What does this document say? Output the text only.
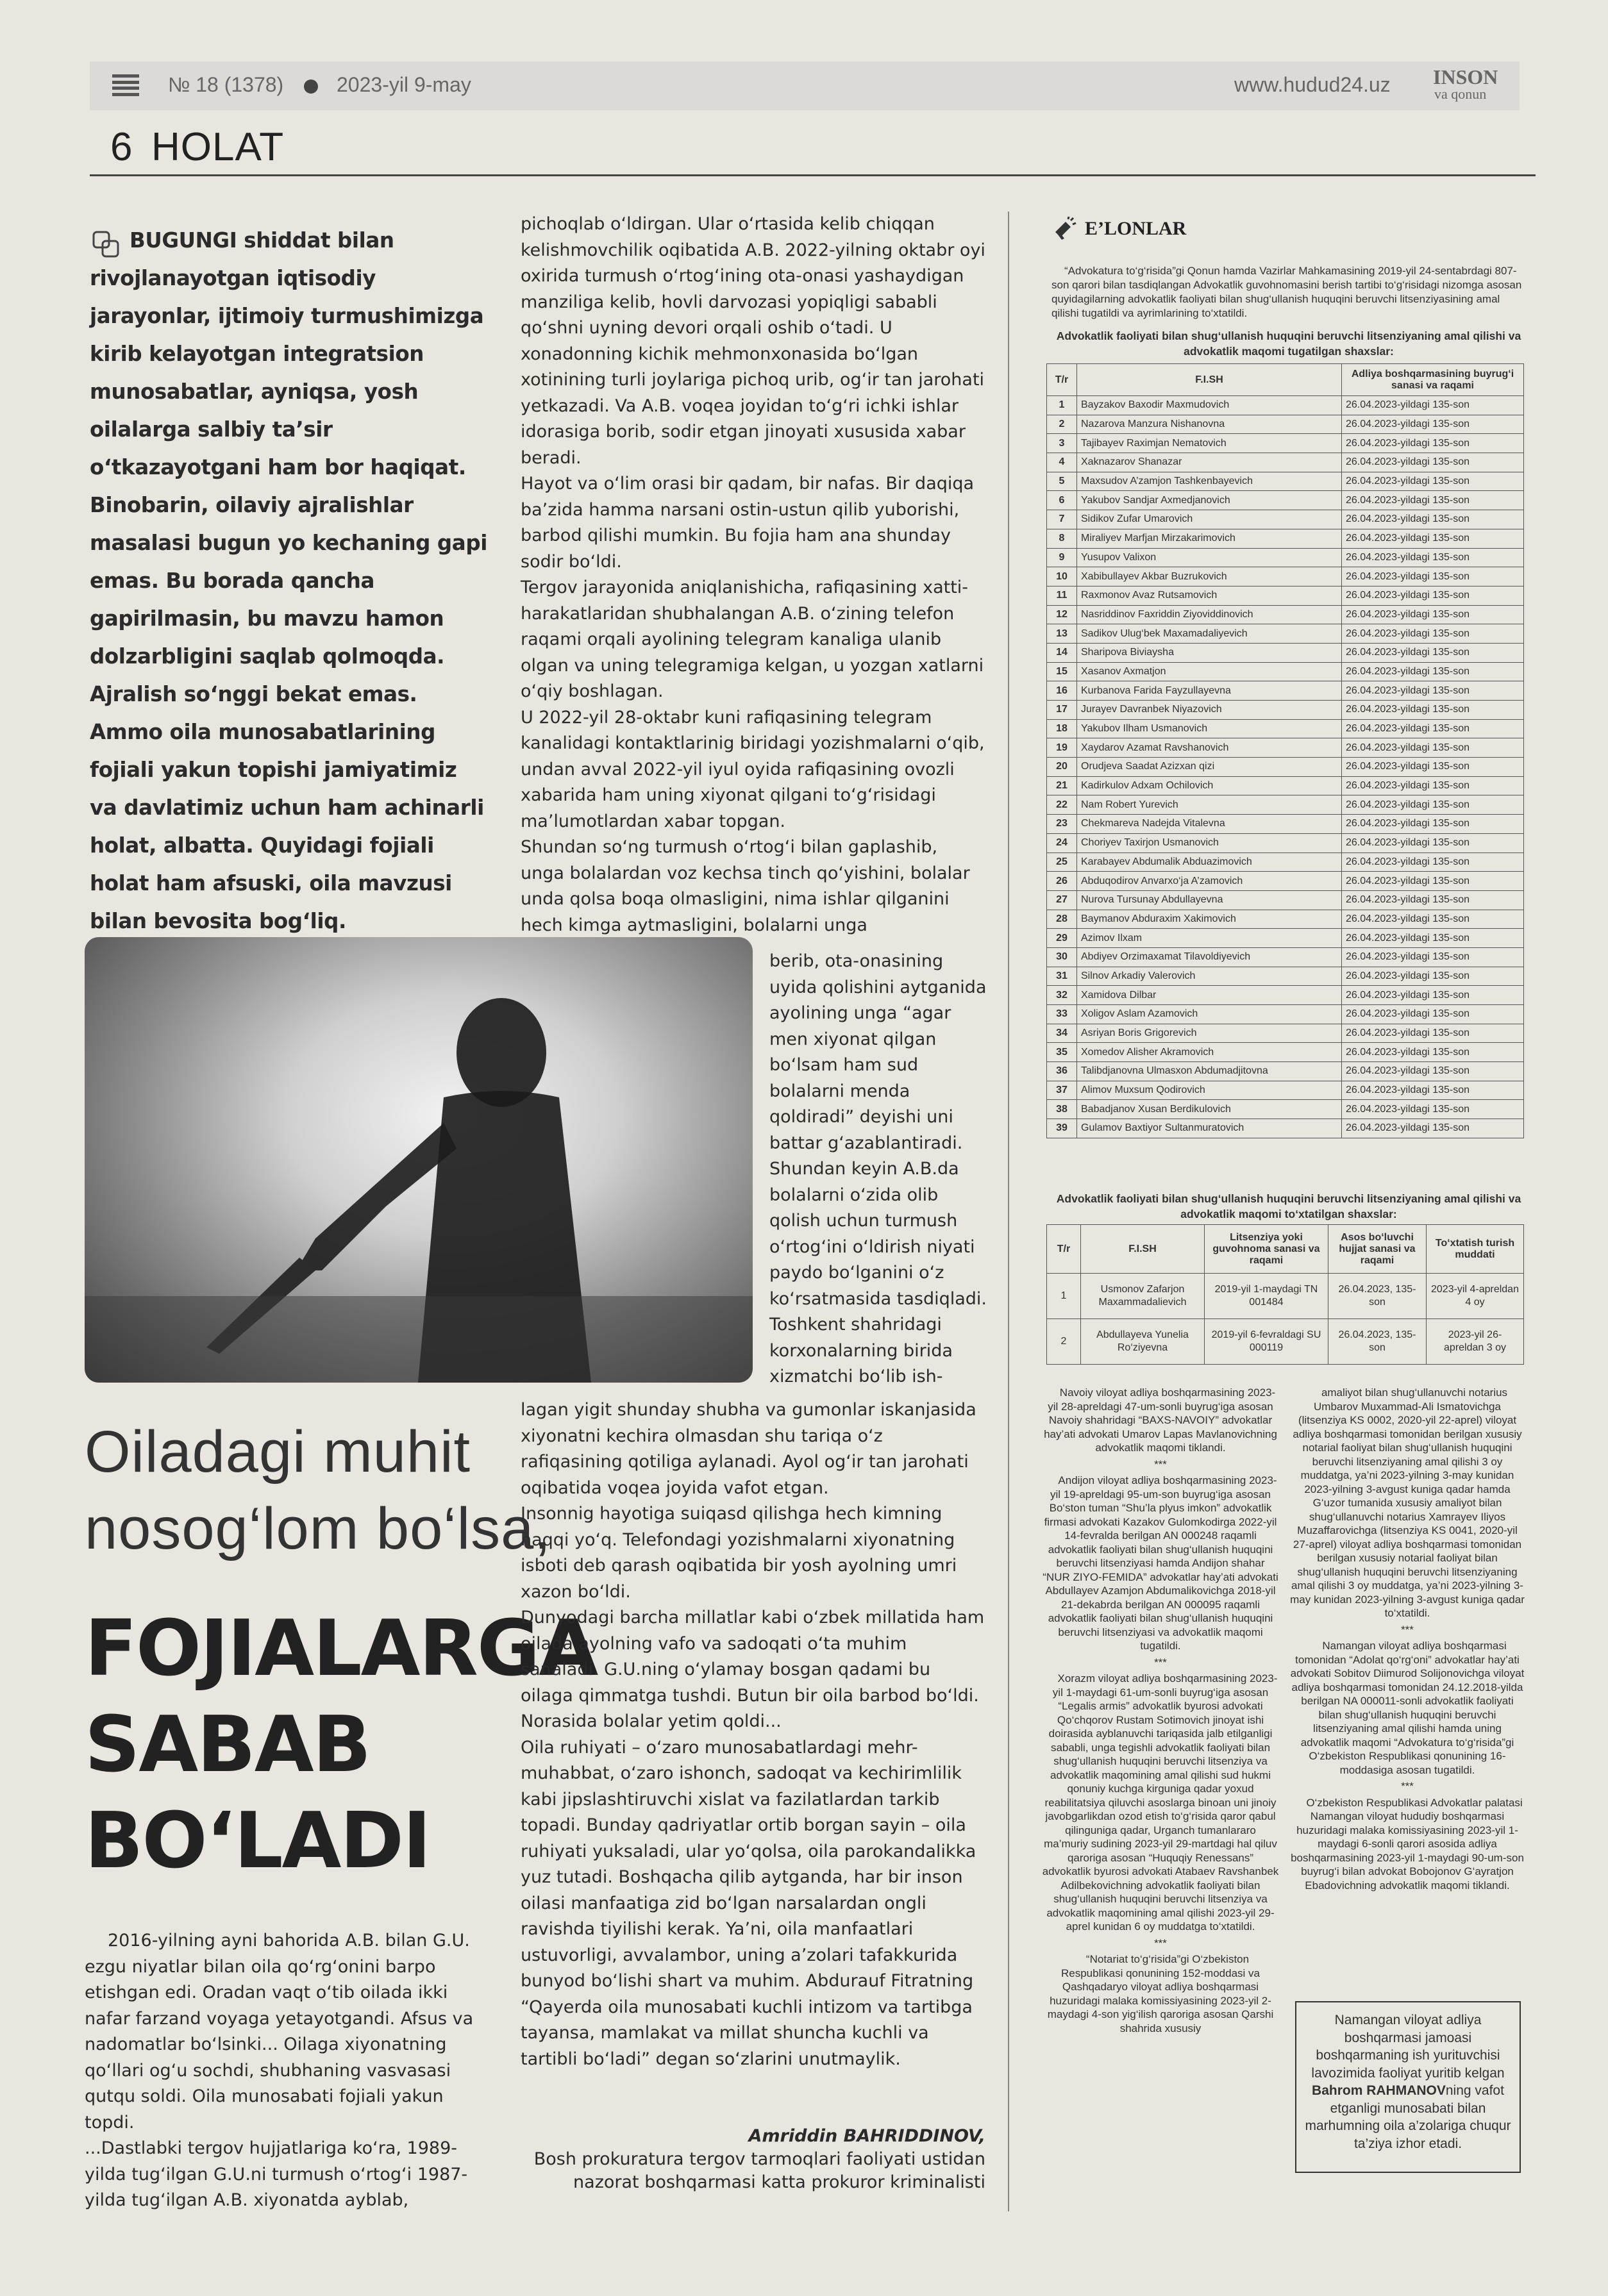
№ 18 (1378)	2023-yil 9-may	www.hudud24.uz INSON
va qonun
6 HOLAT

BUGUNGI shiddat bilan rivojlanayotgan iqtisodiy jarayonlar, ijtimoiy turmushimizga kirib kelayotgan integratsion munosabatlar, ayniqsa, yosh oilalarga salbiy ta’sir o‘tkazayotgani ham bor haqiqat. Binobarin, oilaviy ajralishlar masalasi bugun yo kechaning gapi emas. Bu borada qancha gapirilmasin, bu mavzu hamon dolzarbligini saqlab qolmoqda. Ajralish so‘nggi bekat emas. Ammo oila munosabatlarining fojiali yakun topishi jamiyatimiz va davlatimiz uchun ham achinarli holat, albatta. Quyidagi fojiali holat ham afsuski, oila mavzusi bilan bevosita bog‘liq.

Oiladagi muhit
nosog‘lom bo‘lsa,
FOJIALARGA
SABAB
BO‘LADI
2016-yilning ayni bahorida A.B. bilan G.U. ezgu niyatlar bilan oila qo‘rg‘onini barpo etishgan edi. Oradan vaqt o‘tib oilada ikki nafar farzand voyaga yetayotgandi. Afsus va nadomatlar bo‘lsinki... Oilaga xiyonatning qo‘llari og‘u sochdi, shubhaning vasvasasi qutqu soldi. Oila munosabati fojiali yakun topdi.
...Dastlabki tergov hujjatlariga ko‘ra, 1989-yilda tug‘ilgan G.U.ni turmush o‘rtog‘i 1987-yilda tug‘ilgan A.B. xiyonatda ayblab,
pichoqlab o‘ldirgan. Ular o‘rtasida kelib chiqqan kelishmovchilik oqibatida A.B. 2022-yilning oktabr oyi oxirida turmush o‘rtog‘ining ota-onasi yashaydigan manziliga kelib, hovli darvozasi yopiqligi sababli qo‘shni uyning devori orqali oshib o‘tadi. U xonadonning kichik mehmonxonasida bo‘lgan xotinining turli joylariga pichoq urib, og‘ir tan jarohati yetkazadi. Va A.B. voqea joyidan to‘g‘ri ichki ishlar idorasiga borib, sodir etgan jinoyati xususida xabar beradi.
Hayot va o‘lim orasi bir qadam, bir nafas. Bir daqiqa ba’zida hamma narsani ostin-ustun qilib yuborishi, barbod qilishi mumkin. Bu fojia ham ana shunday sodir bo‘ldi.
Tergov jarayonida aniqlanishicha, rafiqasining xatti-harakatlaridan shubhalangan A.B. o‘zining telefon raqami orqali ayolining telegram kanaliga ulanib olgan va uning telegramiga kelgan, u yozgan xatlarni o‘qiy boshlagan.
U 2022-yil 28-oktabr kuni rafiqasining telegram kanalidagi kontaktlarinig biridagi yozishmalarni o‘qib, undan avval 2022-yil iyul oyida rafiqasining ovozli xabarida ham uning xiyonat qilgani to‘g‘risidagi ma’lumotlardan xabar topgan.
Shundan so‘ng turmush o‘rtog‘i bilan gaplashib, unga bolalardan voz kechsa tinch qo‘yishini, bolalar unda qolsa boqa olmasligini, nima ishlar qilganini hech kimga aytmasligini, bolalarni unga
berib, ota-onasining uyida qolishini aytganida ayolining unga “agar men xiyonat qilgan bo‘lsam ham sud bolalarni menda qoldiradi” deyishi uni battar g‘azablantiradi. Shundan keyin A.B.da bolalarni o‘zida olib qolish uchun turmush o‘rtog‘ini o‘ldirish niyati paydo bo‘lganini o‘z ko‘rsatmasida tasdiqladi.
Toshkent shahridagi korxonalarning birida xizmatchi bo‘lib ish-
lagan yigit shunday shubha va gumonlar iskanjasida xiyonatni kechira olmasdan shu tariqa o‘z rafiqasining qotiliga aylanadi. Ayol og‘ir tan jarohati oqibatida voqea joyida vafot etgan.
Insonnig hayotiga suiqasd qilishga hech kimning haqqi yo‘q. Telefondagi yozishmalarni xiyonatning isboti deb qarash oqibatida bir yosh ayolning umri xazon bo‘ldi.
Dunyodagi barcha millatlar kabi o‘zbek millatida ham oilada ayolning vafo va sadoqati o‘ta muhim sanaladi. G.U.ning o‘ylamay bosgan qadami bu oilaga qimmatga tushdi. Butun bir oila barbod bo‘ldi. Norasida bolalar yetim qoldi...
Oila ruhiyati – o‘zaro munosabatlardagi mehr-muhabbat, o‘zaro ishonch, sadoqat va kechirimlilik kabi jipslashtiruvchi xislat va fazilatlardan tarkib topadi. Bunday qadriyatlar ortib borgan sayin – oila ruhiyati yuksaladi, ular yo‘qolsa, oila parokandalikka yuz tutadi. Boshqacha qilib aytganda, har bir inson oilasi manfaatiga zid bo‘lgan narsalardan ongli ravishda tiyilishi kerak. Ya’ni, oila manfaatlari ustuvorligi, avvalambor, uning a’zolari tafakkurida bunyod bo‘lishi shart va muhim. Abdurauf Fitratning “Qayerda oila munosabati kuchli intizom va tartibga tayansa, mamlakat va millat shuncha kuchli va tartibli bo‘ladi” degan so‘zlarini unutmaylik.
Amriddin BAHRIDDINOV,
Bosh prokuratura tergov tarmoqlari faoliyati ustidan nazorat boshqarmasi katta prokuror kriminalisti
E’LONLAR

“Advokatura to‘g‘risida”gi Qonun hamda Vazirlar Mahkamasining 2019-yil 24-sentabrdagi 807-son qarori bilan tasdiqlangan Advokatlik guvohnomasini berish tartibi to‘g‘risidagi nizomga asosan quyidagilarning advokatlik faoliyati bilan shug‘ullanish huquqini beruvchi litsenziyasining amal qilishi tugatildi va ayrimlarining to‘xtatildi.

Advokatlik faoliyati bilan shug‘ullanish huquqini beruvchi litsenziyaning amal qilishi va advokatlik maqomi tugatilgan shaxslar:

T/r	F.I.SH	Adliya boshqarmasining buyrug‘i sanasi va raqami
1	Bayzakov Baxodir Maxmudovich	26.04.2023-yildagi 135-son
2	Nazarova Manzura Nishanovna	26.04.2023-yildagi 135-son
3	Tajibayev Raximjan Nematovich	26.04.2023-yildagi 135-son
4	Xaknazarov Shanazar	26.04.2023-yildagi 135-son
5	Maxsudov A’zamjon Tashkenbayevich	26.04.2023-yildagi 135-son
6	Yakubov Sandjar Axmedjanovich	26.04.2023-yildagi 135-son
7	Sidikov Zufar Umarovich	26.04.2023-yildagi 135-son
8	Miraliyev Marfjan Mirzakarimovich	26.04.2023-yildagi 135-son
9	Yusupov Valixon	26.04.2023-yildagi 135-son
10	Xabibullayev Akbar Buzrukovich	26.04.2023-yildagi 135-son
11	Raxmonov Avaz Rutsamovich	26.04.2023-yildagi 135-son
12	Nasriddinov Faxriddin Ziyoviddinovich	26.04.2023-yildagi 135-son
13	Sadikov Ulug‘bek Maxamadaliyevich	26.04.2023-yildagi 135-son
14	Sharipova Biviaysha	26.04.2023-yildagi 135-son
15	Xasanov Axmatjon	26.04.2023-yildagi 135-son
16	Kurbanova Farida Fayzullayevna	26.04.2023-yildagi 135-son
17	Jurayev Davranbek Niyazovich	26.04.2023-yildagi 135-son
18	Yakubov Ilham Usmanovich	26.04.2023-yildagi 135-son
19	Xaydarov Azamat Ravshanovich	26.04.2023-yildagi 135-son
20	Orudjeva Saadat Azizxan qizi	26.04.2023-yildagi 135-son
21	Kadirkulov Adxam Ochilovich	26.04.2023-yildagi 135-son
22	Nam Robert Yurevich	26.04.2023-yildagi 135-son
23	Chekmareva Nadejda Vitalevna	26.04.2023-yildagi 135-son
24	Choriyev Taxirjon Usmanovich	26.04.2023-yildagi 135-son
25	Karabayev Abdumalik Abduazimovich	26.04.2023-yildagi 135-son
26	Abduqodirov Anvarxo‘ja A’zamovich	26.04.2023-yildagi 135-son
27	Nurova Tursunay Abdullayevna	26.04.2023-yildagi 135-son
28	Baymanov Abduraxim Xakimovich	26.04.2023-yildagi 135-son
29	Azimov Ilxam	26.04.2023-yildagi 135-son
30	Abdiyev Orzimaxamat Tilavoldiyevich	26.04.2023-yildagi 135-son
31	Silnov Arkadiy Valerovich	26.04.2023-yildagi 135-son
32	Xamidova Dilbar	26.04.2023-yildagi 135-son
33	Xoligov Aslam Azamovich	26.04.2023-yildagi 135-son
34	Asriyan Boris Grigorevich	26.04.2023-yildagi 135-son
35	Xomedov Alisher Akramovich	26.04.2023-yildagi 135-son
36	Talibdjanovna Ulmasxon Abdumadjitovna	26.04.2023-yildagi 135-son
37	Alimov Muxsum Qodirovich	26.04.2023-yildagi 135-son
38	Babadjanov Xusan Berdikulovich	26.04.2023-yildagi 135-son
39	Gulamov Baxtiyor Sultanmuratovich	26.04.2023-yildagi 135-son

Advokatlik faoliyati bilan shug‘ullanish huquqini beruvchi litsenziyaning amal qilishi va advokatlik maqomi to‘xtatilgan shaxslar:

T/r	F.I.SH	Litsenziya yoki guvohnoma sanasi va raqami	Asos bo‘luvchi hujjat sanasi va raqami	To‘xtatish turish muddati
1	Usmonov Zafarjon Maxammadalievich	2019-yil 1-maydagi TN 001484	26.04.2023, 135-son	2023-yil 4-apreldan 4 oy
2	Abdullayeva Yunelia Ro‘ziyevna	2019-yil 6-fevraldagi SU 000119	26.04.2023, 135-son	2023-yil 26-apreldan 3 oy

Navoiy viloyat adliya boshqarmasining 2023-yil 28-apreldagi 47-um-sonli buyrug‘iga asosan Navoiy shahridagi “BAXS-NAVOIY” advokatlar hay’ati advokati Umarov Lapas Mavlanovichning advokatlik maqomi tiklandi.

***

Andijon viloyat adliya boshqarmasining 2023-yil 19-apreldagi 95-um-son buyrug‘iga asosan Bo‘ston tuman “Shu’la plyus imkon” advokatlik firmasi advokati Kazakov Gulomkodirga 2022-yil 14-fevralda berilgan AN 000248 raqamli advokatlik faoliyati bilan shug‘ullanish huquqini beruvchi litsenziyasi hamda Andijon shahar “NUR ZIYO-FEMIDA” advokatlar hay’ati advokati Abdullayev Azamjon Abdumalikovichga 2018-yil 21-dekabrda berilgan AN 000095 raqamli advokatlik faoliyati bilan shug‘ullanish huquqini beruvchi litsenziyasi va advokatlik maqomi tugatildi.

***

Xorazm viloyat adliya boshqarmasining 2023-yil 1-maydagi 61-um-sonli buyrug‘iga asosan “Legalis armis” advokatlik byurosi advokati Qo‘chqorov Rustam Sotimovich jinoyat ishi doirasida ayblanuvchi tariqasida jalb etilganligi sababli, unga tegishli advokatlik faoliyati bilan shug‘ullanish huquqini beruvchi litsenziya va advokatlik maqomining amal qilishi sud hukmi qonuniy kuchga kirguniga qadar yoxud reabilitatsiya qiluvchi asoslarga binoan uni jinoiy javobgarlikdan ozod etish to‘g‘risida qaror qabul qilinguniga qadar, Urganch tumanlararo ma’muriy sudining 2023-yil 29-martdagi hal qiluv qaroriga asosan “Huquqiy Renessans” advokatlik byurosi advokati Atabaev Ravshanbek Adilbekovichning advokatlik faoliyati bilan shug‘ullanish huquqini beruvchi litsenziya va advokatlik maqomining amal qilishi 2023-yil 29-aprel kunidan 6 oy muddatga to‘xtatildi.

***

“Notariat to‘g‘risida”gi O‘zbekiston Respublikasi qonunining 152-moddasi va Qashqadaryo viloyat adliya boshqarmasi huzuridagi malaka komissiyasining 2023-yil 2-maydagi 4-son yig‘ilish qaroriga asosan Qarshi shahrida xususiy

amaliyot bilan shug‘ullanuvchi notarius Umbarov Muxammad-Ali Ismatovichga (litsenziya KS 0002, 2020-yil 22-aprel) viloyat adliya boshqarmasi tomonidan berilgan xususiy notarial faoliyat bilan shug‘ullanish huquqini beruvchi litsenziyaning amal qilishi 3 oy muddatga, ya’ni 2023-yilning 3-may kunidan 2023-yilning 3-avgust kuniga qadar hamda G‘uzor tumanida xususiy amaliyot bilan shug‘ullanuvchi notarius Xamrayev Iliyos Muzaffarovichga (litsenziya KS 0041, 2020-yil 27-aprel) viloyat adliya boshqarmasi tomonidan berilgan xususiy notarial faoliyat bilan shug‘ullanish huquqini beruvchi litsenziyaning amal qilishi 3 oy muddatga, ya’ni 2023-yilning 3-may kunidan 2023-yilning 3-avgust kuniga qadar to‘xtatildi.

***

Namangan viloyat adliya boshqarmasi tomonidan “Adolat qo‘rg‘oni” advokatlar hay’ati advokati Sobitov Diimurod Solijonovichga viloyat adliya boshqarmasi tomonidan 24.12.2018-yilda berilgan NA 000011-sonli advokatlik faoliyati bilan shug‘ullanish huquqini beruvchi litsenziyaning amal qilishi hamda uning advokatlik maqomi “Advokatura to‘g‘risida”gi O‘zbekiston Respublikasi qonunining 16-moddasiga asosan tugatildi.

***

O‘zbekiston Respublikasi Advokatlar palatasi Namangan viloyat hududiy boshqarmasi huzuridagi malaka komissiyasining 2023-yil 1-maydagi 6-sonli qarori asosida adliya boshqarmasining 2023-yil 1-maydagi 90-um-son buyrug‘i bilan advokat Bobojonov G‘ayratjon Ebadovichning advokatlik maqomi tiklandi.

Namangan viloyat adliya boshqarmasi jamoasi boshqarmaning ish yurituvchisi lavozimida faoliyat yuritib kelgan Bahrom RAHMANOVning vafot etganligi munosabati bilan marhumning oila a’zolariga chuqur ta’ziya izhor etadi.
